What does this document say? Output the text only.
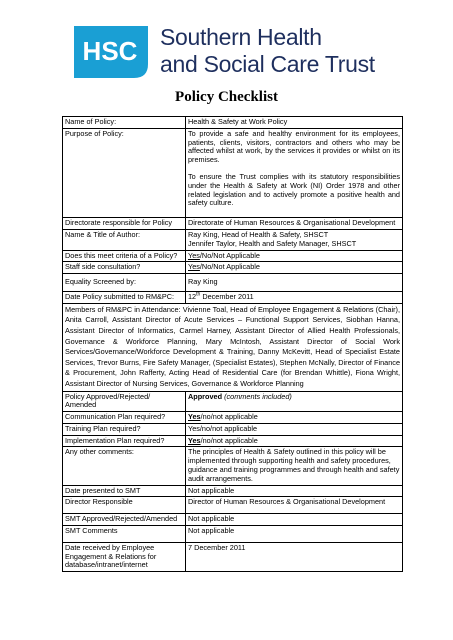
HSC Southern Health
and Social Care Trust
Policy Checklist
Name of Policy:	Health & Safety at Work Policy
Purpose of Policy:	To provide a safe and healthy environment for its employees, patients, clients, visitors, contractors and others who may be affected whilst at work, by the services it provides or whilst on its premises.
To ensure the Trust complies with its statutory responsibilities under the Health & Safety at Work (NI) Order 1978 and other related legislation and to actively promote a positive health and safety culture.

Directorate responsible for Policy	Directorate of Human Resources & Organisational Development
Name & Title of Author:	Ray King, Head of Health & Safety, SHSCT
Jennifer Taylor, Health and Safety Manager, SHSCT

Does this meet criteria of a Policy?	Yes/No/Not Applicable
Staff side consultation?	Yes/No/Not Applicable
Equality Screened by:	Ray King
Date Policy submitted to RM&PC:	12th December 2011
Members of RM&PC in Attendance: Vivienne Toal, Head of Employee Engagement & Relations (Chair), Anita Carroll, Assistant Director of Acute Services – Functional Support Services, Siobhan Hanna, Assistant Director of Informatics, Carmel Harney, Assistant Director of Allied Health Professionals, Governance & Workforce Planning, Mary McIntosh, Assistant Director of Social Work Services/Governance/Workforce Development & Training, Danny McKevitt, Head of Specialist Estate Services, Trevor Burns, Fire Safety Manager, (Specialist Estates), Stephen McNally, Director of Finance & Procurement, John Rafferty, Acting Head of Residential Care (for Brendan Whittle), Fiona Wright, Assistant Director of Nursing Services, Governance & Workforce Planning	
Policy Approved/Rejected/ Amended	Approved (comments included)
Communication Plan required?	Yes/no/not applicable
Training Plan required?	Yes/no/not applicable
Implementation Plan required?	Yes/no/not applicable
Any other comments:	The principles of Health & Safety outlined in this policy will be implemented through supporting health and safety procedures, guidance and training programmes and through health and safety audit arrangements.
Date presented to SMT	Not applicable
Director Responsible	Director of Human Resources & Organisational Development
SMT Approved/Rejected/Amended	Not applicable
SMT Comments	Not applicable
Date received by Employee Engagement & Relations for database/intranet/internet	7 December 2011
